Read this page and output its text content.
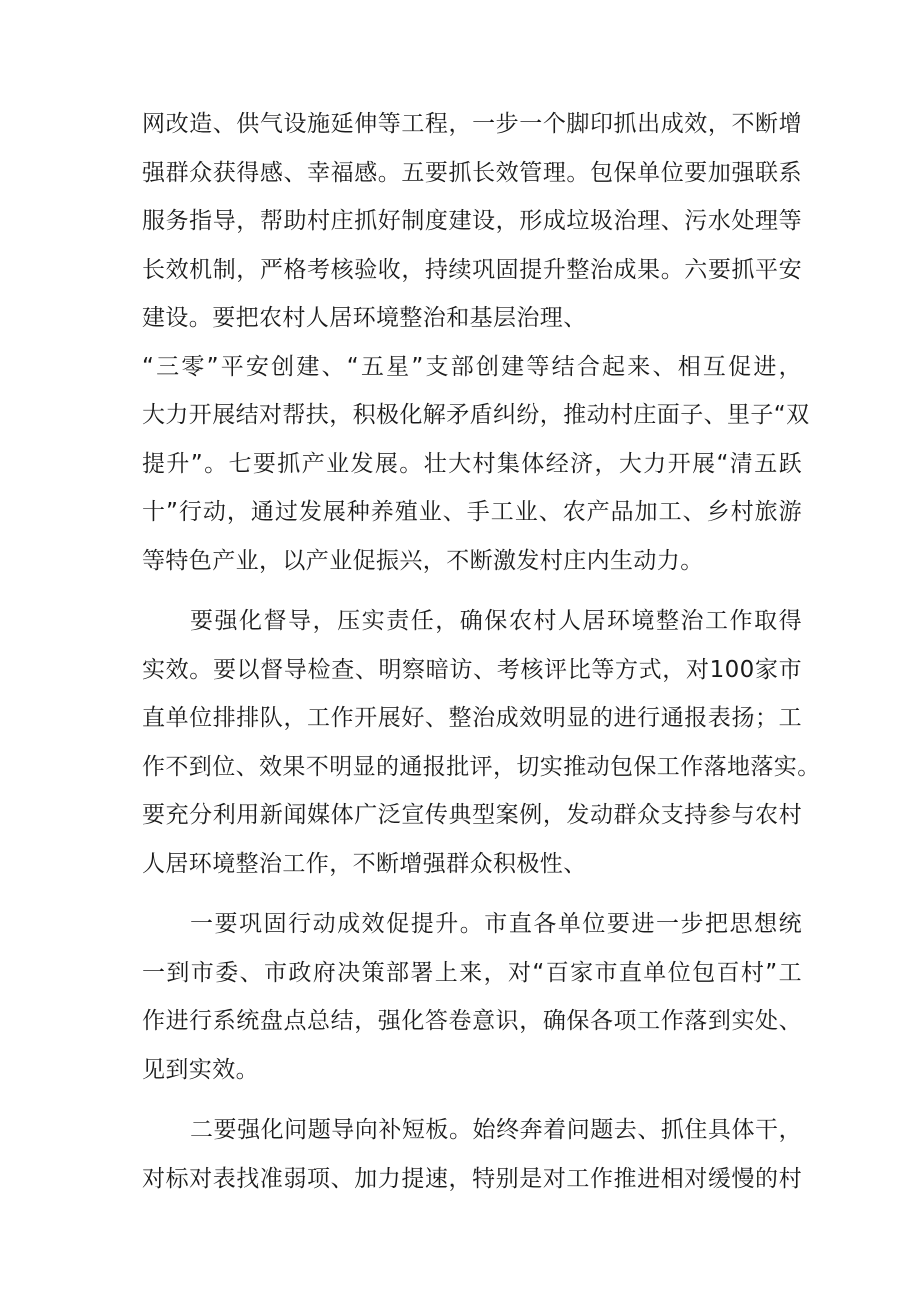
网改造、供气设施延伸等工程，一步一个脚印抓出成效，不断增
强群众获得感、幸福感。五要抓长效管理。包保单位要加强联系
服务指导，帮助村庄抓好制度建设，形成垃圾治理、污水处理等
长效机制，严格考核验收，持续巩固提升整治成果。六要抓平安
建设。要把农村人居环境整治和基层治理、
“三零”平安创建、“五星”支部创建等结合起来、相互促进，
大力开展结对帮扶，积极化解矛盾纠纷，推动村庄面子、里子“双
提升”。七要抓产业发展。壮大村集体经济，大力开展“清五跃
十”行动，通过发展种养殖业、手工业、农产品加工、乡村旅游
等特色产业，以产业促振兴，不断激发村庄内生动力。
要强化督导，压实责任，确保农村人居环境整治工作取得
实效。要以督导检查、明察暗访、考核评比等方式，对100家市
直单位排排队，工作开展好、整治成效明显的进行通报表扬；工
作不到位、效果不明显的通报批评，切实推动包保工作落地落实。
要充分利用新闻媒体广泛宣传典型案例，发动群众支持参与农村
人居环境整治工作，不断增强群众积极性、
一要巩固行动成效促提升。市直各单位要进一步把思想统
一到市委、市政府决策部署上来，对“百家市直单位包百村”工
作进行系统盘点总结，强化答卷意识，确保各项工作落到实处、
见到实效。
二要强化问题导向补短板。始终奔着问题去、抓住具体干，
对标对表找准弱项、加力提速，特别是对工作推进相对缓慢的村
